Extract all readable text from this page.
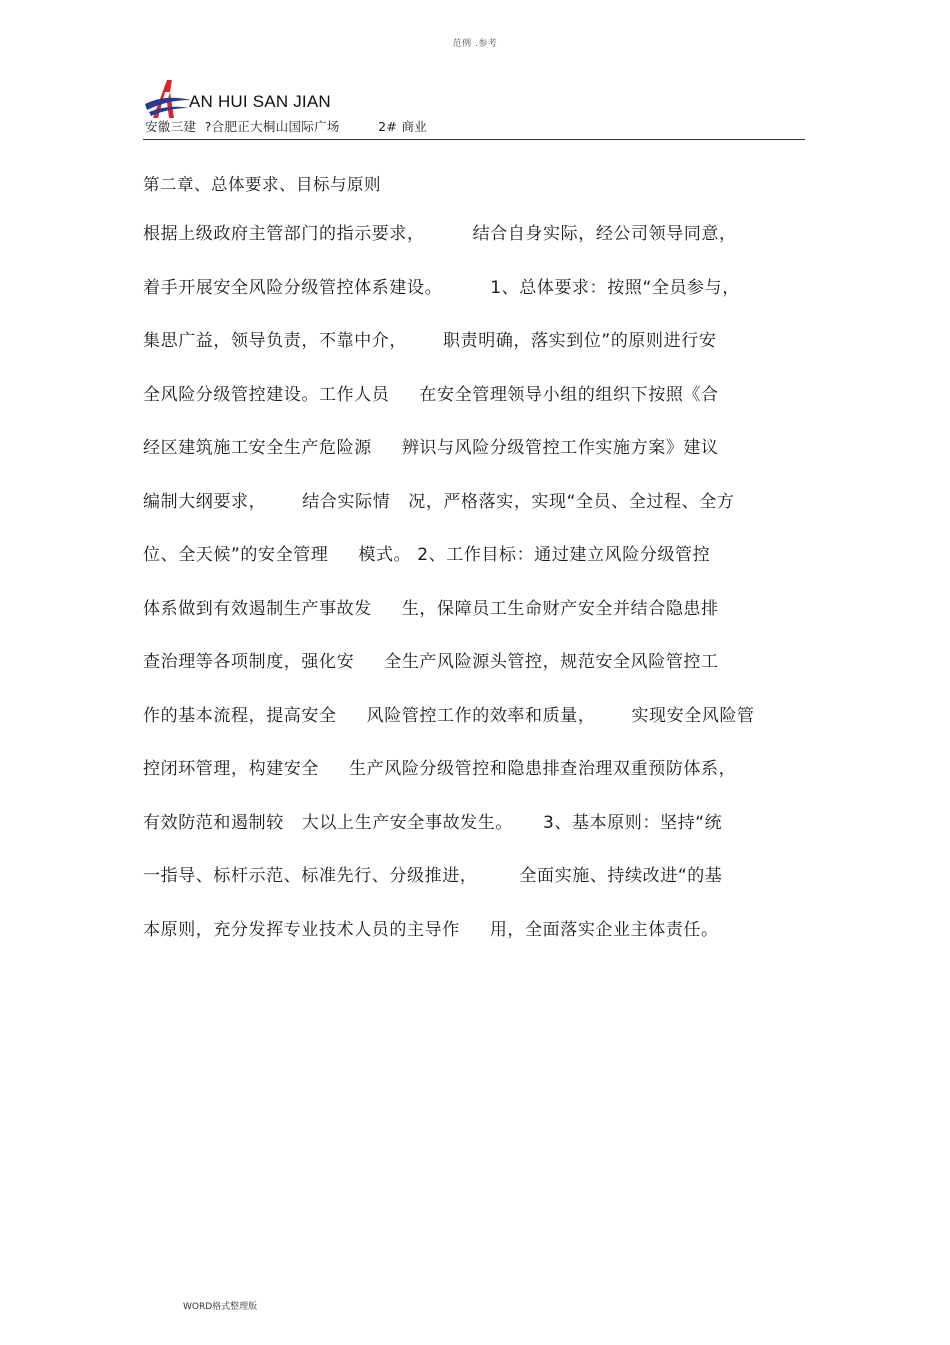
范例 .参考
AN HUI SAN JIAN
安徽三建  ?合肥正大桐山国际广场         2# 商业
第二章、总体要求、目标与原则
根据上级政府主管部门的指示要求，        结合自身实际，经公司领导同意，
着手开展安全风险分级管控体系建设。        1、总体要求：按照“全员参与，
集思广益，领导负责，不靠中介，      职责明确，落实到位”的原则进行安
全风险分级管控建设。工作人员     在安全管理领导小组的组织下按照《合
经区建筑施工安全生产危险源     辨识与风险分级管控工作实施方案》建议
编制大纲要求，      结合实际情   况，严格落实，实现“全员、全过程、全方
位、全天候”的安全管理     模式。 2、工作目标：通过建立风险分级管控
体系做到有效遏制生产事故发     生，保障员工生命财产安全并结合隐患排
查治理等各项制度，强化安     全生产风险源头管控，规范安全风险管控工
作的基本流程，提高安全     风险管控工作的效率和质量，      实现安全风险管
控闭环管理，构建安全     生产风险分级管控和隐患排查治理双重预防体系，
有效防范和遏制较   大以上生产安全事故发生。     3、基本原则：坚持“统
一指导、标杆示范、标准先行、分级推进，       全面实施、持续改进“的基
本原则，充分发挥专业技术人员的主导作     用，全面落实企业主体责任。
WORD格式整理版
